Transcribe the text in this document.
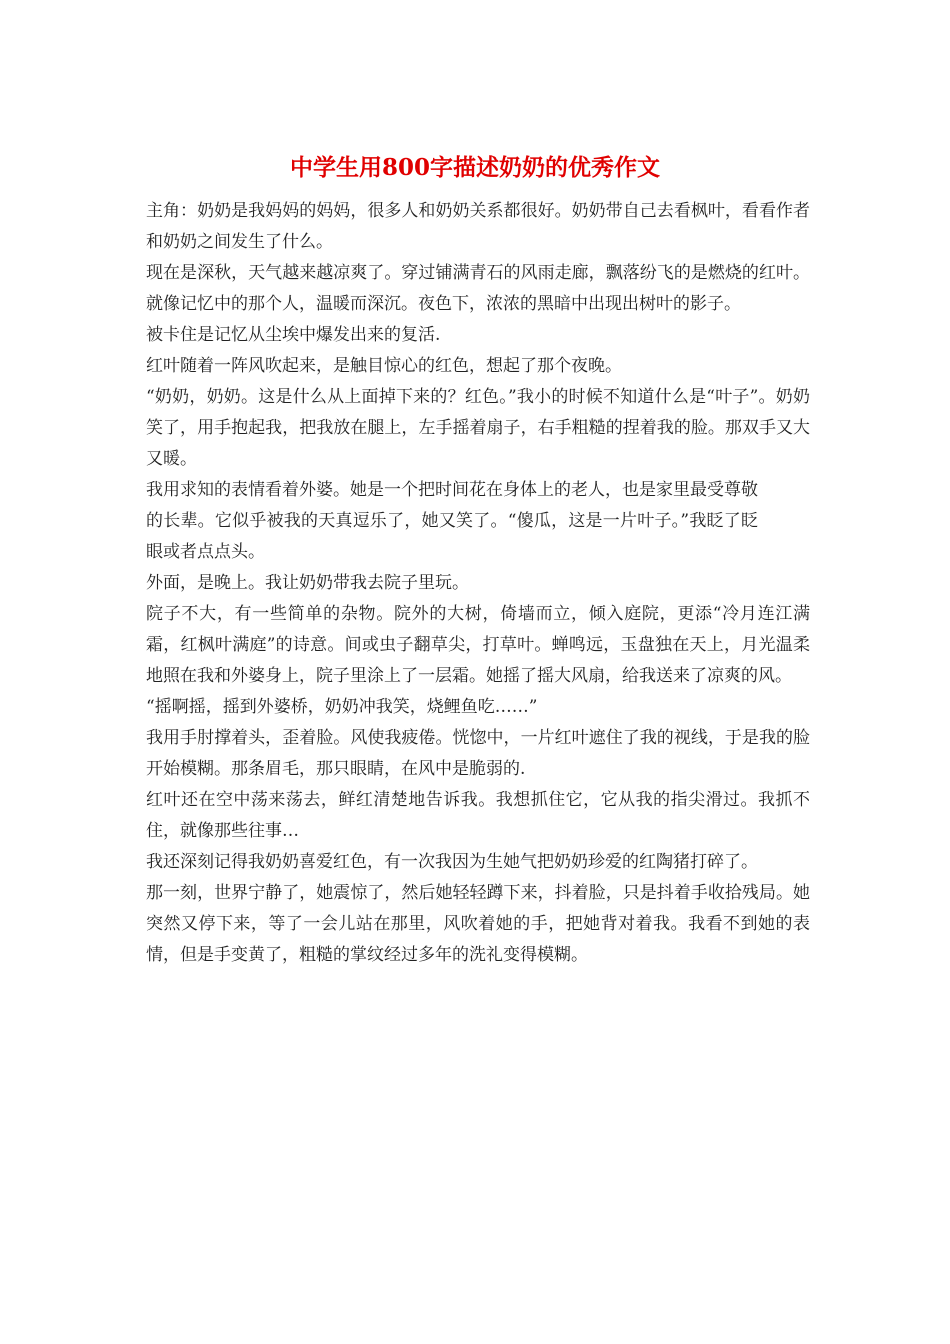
中学生用800字描述奶奶的优秀作文

主角：奶奶是我妈妈的妈妈，很多人和奶奶关系都很好。奶奶带自己去看枫叶，看看作者和奶奶之间发生了什么。

现在是深秋，天气越来越凉爽了。穿过铺满青石的风雨走廊，飘落纷飞的是燃烧的红叶。就像记忆中的那个人，温暖而深沉。夜色下，浓浓的黑暗中出现出树叶的影子。

被卡住是记忆从尘埃中爆发出来的复活.

红叶随着一阵风吹起来，是触目惊心的红色，想起了那个夜晚。

“奶奶，奶奶。这是什么从上面掉下来的？红色。”我小的时候不知道什么是“叶子”。奶奶笑了，用手抱起我，把我放在腿上，左手摇着扇子，右手粗糙的捏着我的脸。那双手又大又暖。

我用求知的表情看着外婆。她是一个把时间花在身体上的老人，也是家里最受尊敬的长辈。它似乎被我的天真逗乐了，她又笑了。“傻瓜，这是一片叶子。”我眨了眨眼或者点点头。

外面，是晚上。我让奶奶带我去院子里玩。

院子不大，有一些简单的杂物。院外的大树，倚墙而立，倾入庭院，更添“冷月连江满霜，红枫叶满庭”的诗意。间或虫子翻草尖，打草叶。蝉鸣远，玉盘独在天上，月光温柔地照在我和外婆身上，院子里涂上了一层霜。她摇了摇大风扇，给我送来了凉爽的风。

“摇啊摇，摇到外婆桥，奶奶冲我笑，烧鲤鱼吃……”

我用手肘撑着头，歪着脸。风使我疲倦。恍惚中，一片红叶遮住了我的视线，于是我的脸开始模糊。那条眉毛，那只眼睛，在风中是脆弱的.

红叶还在空中荡来荡去，鲜红清楚地告诉我。我想抓住它，它从我的指尖滑过。我抓不住，就像那些往事…

我还深刻记得我奶奶喜爱红色，有一次我因为生她气把奶奶珍爱的红陶猪打碎了。

那一刻，世界宁静了，她震惊了，然后她轻轻蹲下来，抖着脸，只是抖着手收拾残局。她突然又停下来，等了一会儿站在那里，风吹着她的手，把她背对着我。我看不到她的表情，但是手变黄了，粗糙的掌纹经过多年的洗礼变得模糊。
